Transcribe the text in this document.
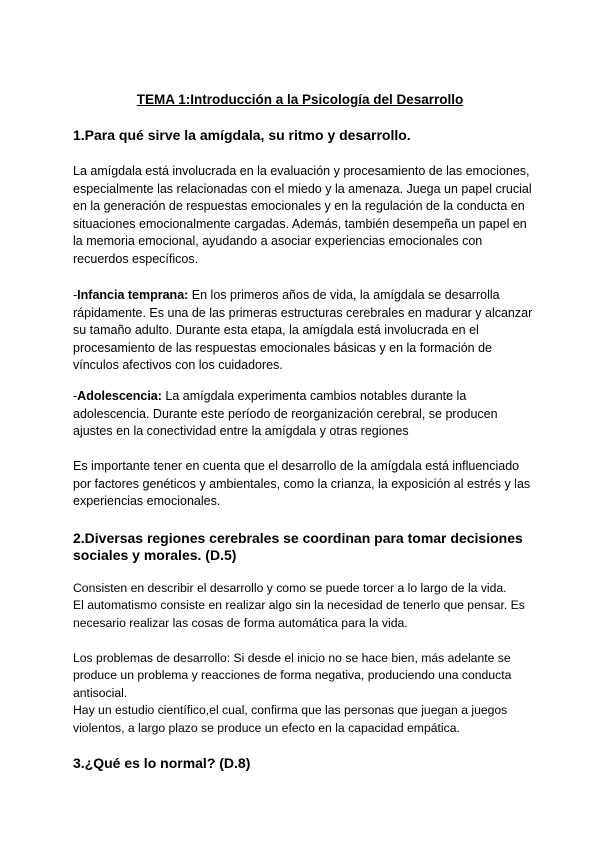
TEMA 1:Introducción a la Psicología del Desarrollo
1.Para qué sirve la amígdala, su ritmo y desarrollo.
La amígdala está involucrada en la evaluación y procesamiento de las emociones, especialmente las relacionadas con el miedo y la amenaza. Juega un papel crucial en la generación de respuestas emocionales y en la regulación de la conducta en situaciones emocionalmente cargadas. Además, también desempeña un papel en la memoria emocional, ayudando a asociar experiencias emocionales con recuerdos específicos.
-Infancia temprana: En los primeros años de vida, la amígdala se desarrolla rápidamente. Es una de las primeras estructuras cerebrales en madurar y alcanzar su tamaño adulto. Durante esta etapa, la amígdala está involucrada en el procesamiento de las respuestas emocionales básicas y en la formación de vínculos afectivos con los cuidadores.
-Adolescencia: La amígdala experimenta cambios notables durante la adolescencia. Durante este período de reorganización cerebral, se producen ajustes en la conectividad entre la amígdala y otras regiones
Es importante tener en cuenta que el desarrollo de la amígdala está influenciado por factores genéticos y ambientales, como la crianza, la exposición al estrés y las experiencias emocionales.
2.Diversas regiones cerebrales se coordinan para tomar decisiones sociales y morales. (D.5)
Consisten en describir el desarrollo y como se puede torcer a lo largo de la vida.
El automatismo consiste en realizar algo sin la necesidad de tenerlo que pensar. Es necesario realizar las cosas de forma automática para la vida.
Los problemas de desarrollo: Si desde el inicio no se hace bien, más adelante se produce un problema y reacciones de forma negativa, produciendo una conducta antisocial.
Hay un estudio científico,el cual, confirma que las personas que juegan a juegos violentos, a largo plazo se produce un efecto en la capacidad empática.
3.¿Qué es lo normal? (D.8)
